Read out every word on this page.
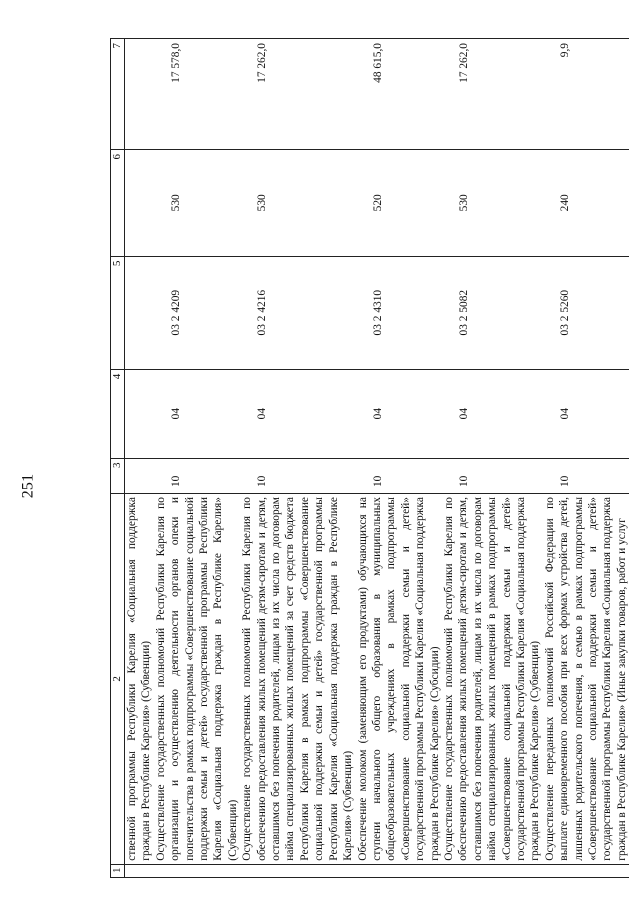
251
1	2	3	4	5	6	7
	ственной программы Республики Карелия «Социальная поддержка граждан в Республике Карелия» (Субвенции)					
	Осуществление государственных полномочий Республики Карелия по организации и осуществлению деятельности органов опеки и попечительства в рамках подпрограммы «Совершенствование социальной поддержки семьи и детей» государственной программы Республики Карелия «Социальная поддержка граждан в Республике Карелия» (Субвенции)	10	04	03 2 4209	530	17 578,0
	Осуществление государственных полномочий Республики Карелия по обеспечению предоставления жилых помещений детям-сиротам и детям, оставшимся без попечения родителей, лицам из их числа по договорам найма специализированных жилых помещений за счет средств бюджета Республики Карелия в рамках подпрограммы «Совершенствование социальной поддержки семьи и детей» государственной программы Республики Карелия «Социальная поддержка граждан в Республике Карелия» (Субвенции)	10	04	03 2 4216	530	17 262,0
	Обеспечение молоком (заменяющим его продуктами) обучающихся на ступени начального общего образования в муниципальных общеобразовательных учреждениях в рамках подпрограммы «Совершенствование социальной поддержки семьи и детей» государственной программы Республики Карелия «Социальная поддержка граждан в Республике Карелия» (Субсидии)	10	04	03 2 4310	520	48 615,0
	Осуществление государственных полномочий Республики Карелия по обеспечению предоставления жилых помещений детям-сиротам и детям, оставшимся без попечения родителей, лицам из их числа по договорам найма специализированных жилых помещений в рамках подпрограммы «Совершенствование социальной поддержки семьи и детей» государственной программы Республики Карелия «Социальная поддержка граждан в Республике Карелия» (Субвенции)	10	04	03 2 5082	530	17 262,0
	Осуществление переданных полномочий Российской Федерации по выплате единовременного пособия при всех формах устройства детей, лишенных родительского попечения, в семью в рамках подпрограммы «Совершенствование социальной поддержки семьи и детей» государственной программы Республики Карелия «Социальная поддержка граждан в Республике Карелия» (Иные закупки товаров, работ и услуг	10	04	03 2 5260	240	9,9
